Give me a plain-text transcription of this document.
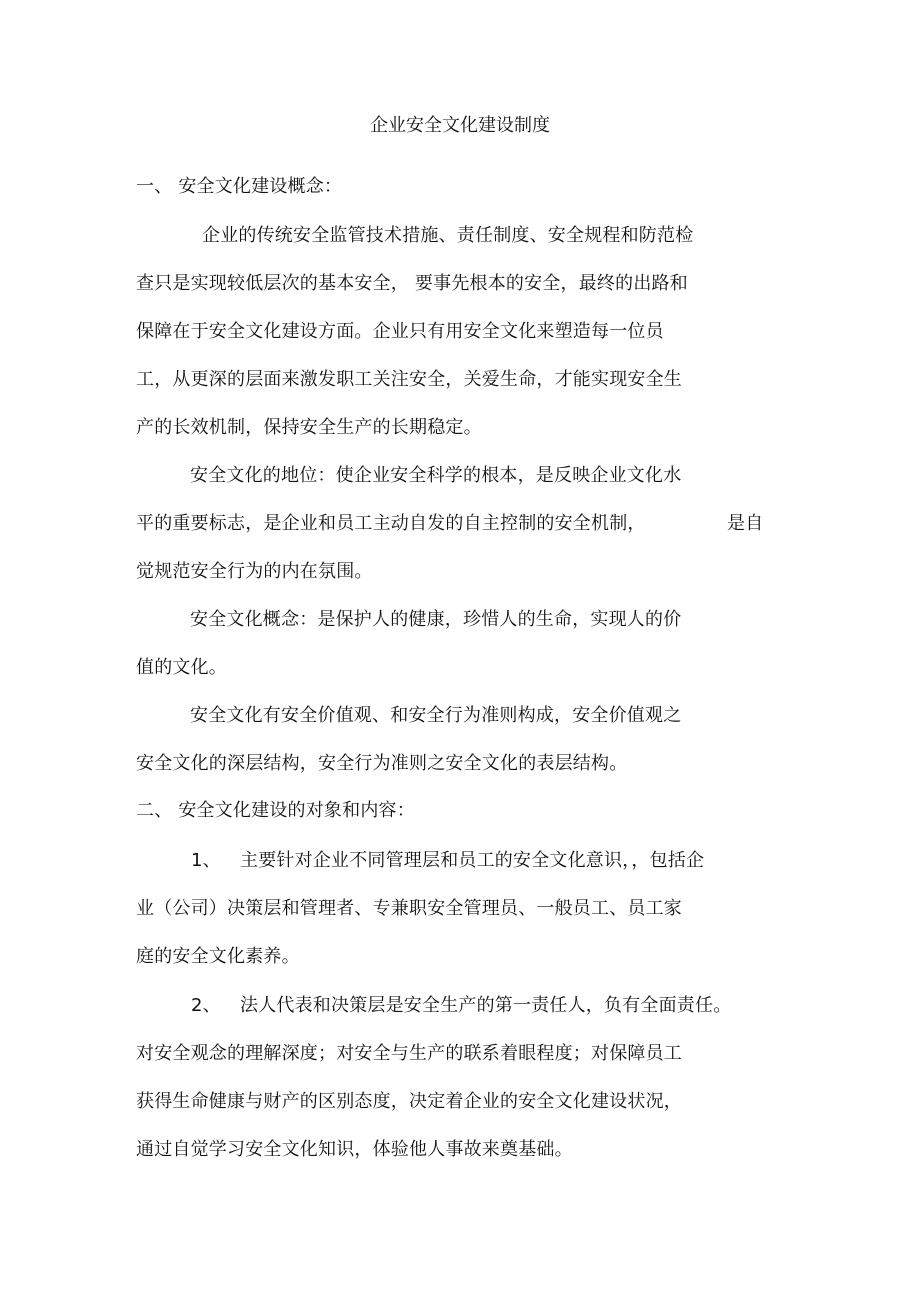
企业安全文化建设制度
一、 安全文化建设概念：
企业的传统安全监管技术措施、责任制度、安全规程和防范检
查只是实现较低层次的基本安全， 要事先根本的安全，最终的出路和
保障在于安全文化建设方面。企业只有用安全文化来塑造每一位员
工，从更深的层面来激发职工关注安全，关爱生命，才能实现安全生
产的长效机制，保持安全生产的长期稳定。
安全文化的地位：使企业安全科学的根本，是反映企业文化水
平的重要标志，是企业和员工主动自发的自主控制的安全机制，	是自
觉规范安全行为的内在氛围。
安全文化概念：是保护人的健康，珍惜人的生命，实现人的价
值的文化。
安全文化有安全价值观、和安全行为准则构成，安全价值观之
安全文化的深层结构，安全行为准则之安全文化的表层结构。
二、 安全文化建设的对象和内容：
1、 主要针对企业不同管理层和员工的安全文化意识，，包括企
业（公司）决策层和管理者、专兼职安全管理员、一般员工、员工家
庭的安全文化素养。
2、 法人代表和决策层是安全生产的第一责任人，负有全面责任。
对安全观念的理解深度；对安全与生产的联系着眼程度；对保障员工
获得生命健康与财产的区别态度，决定着企业的安全文化建设状况，
通过自觉学习安全文化知识，体验他人事故来奠基础。
